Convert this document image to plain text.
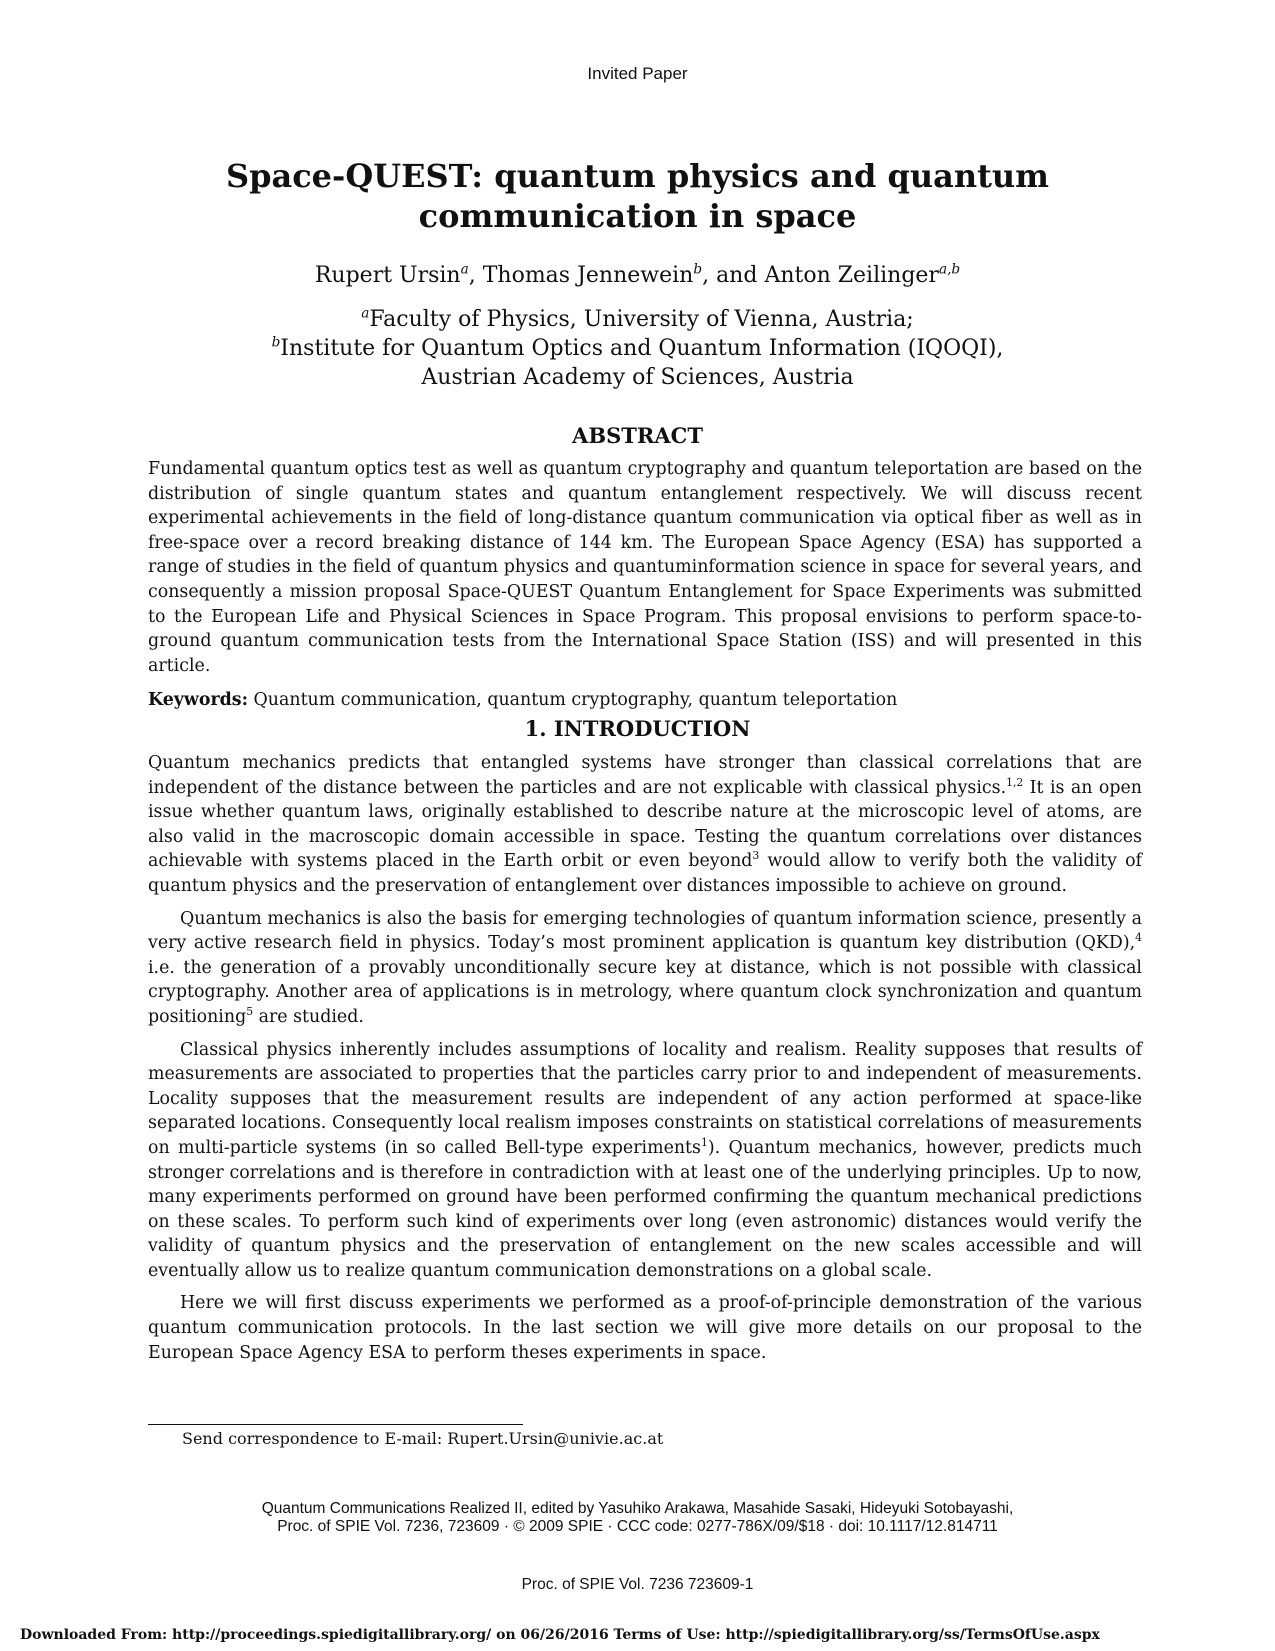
Invited Paper
Space-QUEST: quantum physics and quantum
communication in space
Rupert Ursin$^a$, Thomas Jennewein$^b$, and Anton Zeilinger$^{a,b}$
$^a$Faculty of Physics, University of Vienna, Austria;
$^b$Institute for Quantum Optics and Quantum Information (IQOQI),
Austrian Academy of Sciences, Austria
ABSTRACT

Fundamental quantum optics test as well as quantum cryptography and quantum teleportation are based on the distribution of single quantum states and quantum entanglement respectively. We will discuss recent experimental achievements in the field of long-distance quantum communication via optical fiber as well as in free-space over a record breaking distance of 144 km. The European Space Agency (ESA) has supported a range of studies in the field of quantum physics and quantuminformation science in space for several years, and consequently a mission proposal Space-QUEST Quantum Entanglement for Space Experiments was submitted to the European Life and Physical Sciences in Space Program. This proposal envisions to perform space-to-ground quantum communication tests from the International Space Station (ISS) and will presented in this article.

Keywords: Quantum communication, quantum cryptography, quantum teleportation

1. INTRODUCTION

Quantum mechanics predicts that entangled systems have stronger than classical correlations that are independent of the distance between the particles and are not explicable with classical physics.$^{1,2}$ It is an open issue whether quantum laws, originally established to describe nature at the microscopic level of atoms, are also valid in the macroscopic domain accessible in space. Testing the quantum correlations over distances achievable with systems placed in the Earth orbit or even beyond$^3$ would allow to verify both the validity of quantum physics and the preservation of entanglement over distances impossible to achieve on ground.

Quantum mechanics is also the basis for emerging technologies of quantum information science, presently a very active research field in physics. Today’s most prominent application is quantum key distribution (QKD),$^4$ i.e. the generation of a provably unconditionally secure key at distance, which is not possible with classical cryptography. Another area of applications is in metrology, where quantum clock synchronization and quantum positioning$^5$ are studied.

Classical physics inherently includes assumptions of locality and realism. Reality supposes that results of measurements are associated to properties that the particles carry prior to and independent of measurements. Locality supposes that the measurement results are independent of any action performed at space-like separated locations. Consequently local realism imposes constraints on statistical correlations of measurements on multi-particle systems (in so called Bell-type experiments$^1$). Quantum mechanics, however, predicts much stronger correlations and is therefore in contradiction with at least one of the underlying principles. Up to now, many experiments performed on ground have been performed confirming the quantum mechanical predictions on these scales. To perform such kind of experiments over long (even astronomic) distances would verify the validity of quantum physics and the preservation of entanglement on the new scales accessible and will eventually allow us to realize quantum communication demonstrations on a global scale.

Here we will first discuss experiments we performed as a proof-of-principle demonstration of the various quantum communication protocols. In the last section we will give more details on our proposal to the European Space Agency ESA to perform theses experiments in space.

Send correspondence to E-mail: Rupert.Ursin@univie.ac.at
Quantum Communications Realized II, edited by Yasuhiko Arakawa, Masahide Sasaki, Hideyuki Sotobayashi,
Proc. of SPIE Vol. 7236, 723609 · © 2009 SPIE · CCC code: 0277-786X/09/$18 · doi: 10.1117/12.814711
Proc. of SPIE Vol. 7236 723609-1
Downloaded From: http://proceedings.spiedigitallibrary.org/ on 06/26/2016 Terms of Use: http://spiedigitallibrary.org/ss/TermsOfUse.aspx
